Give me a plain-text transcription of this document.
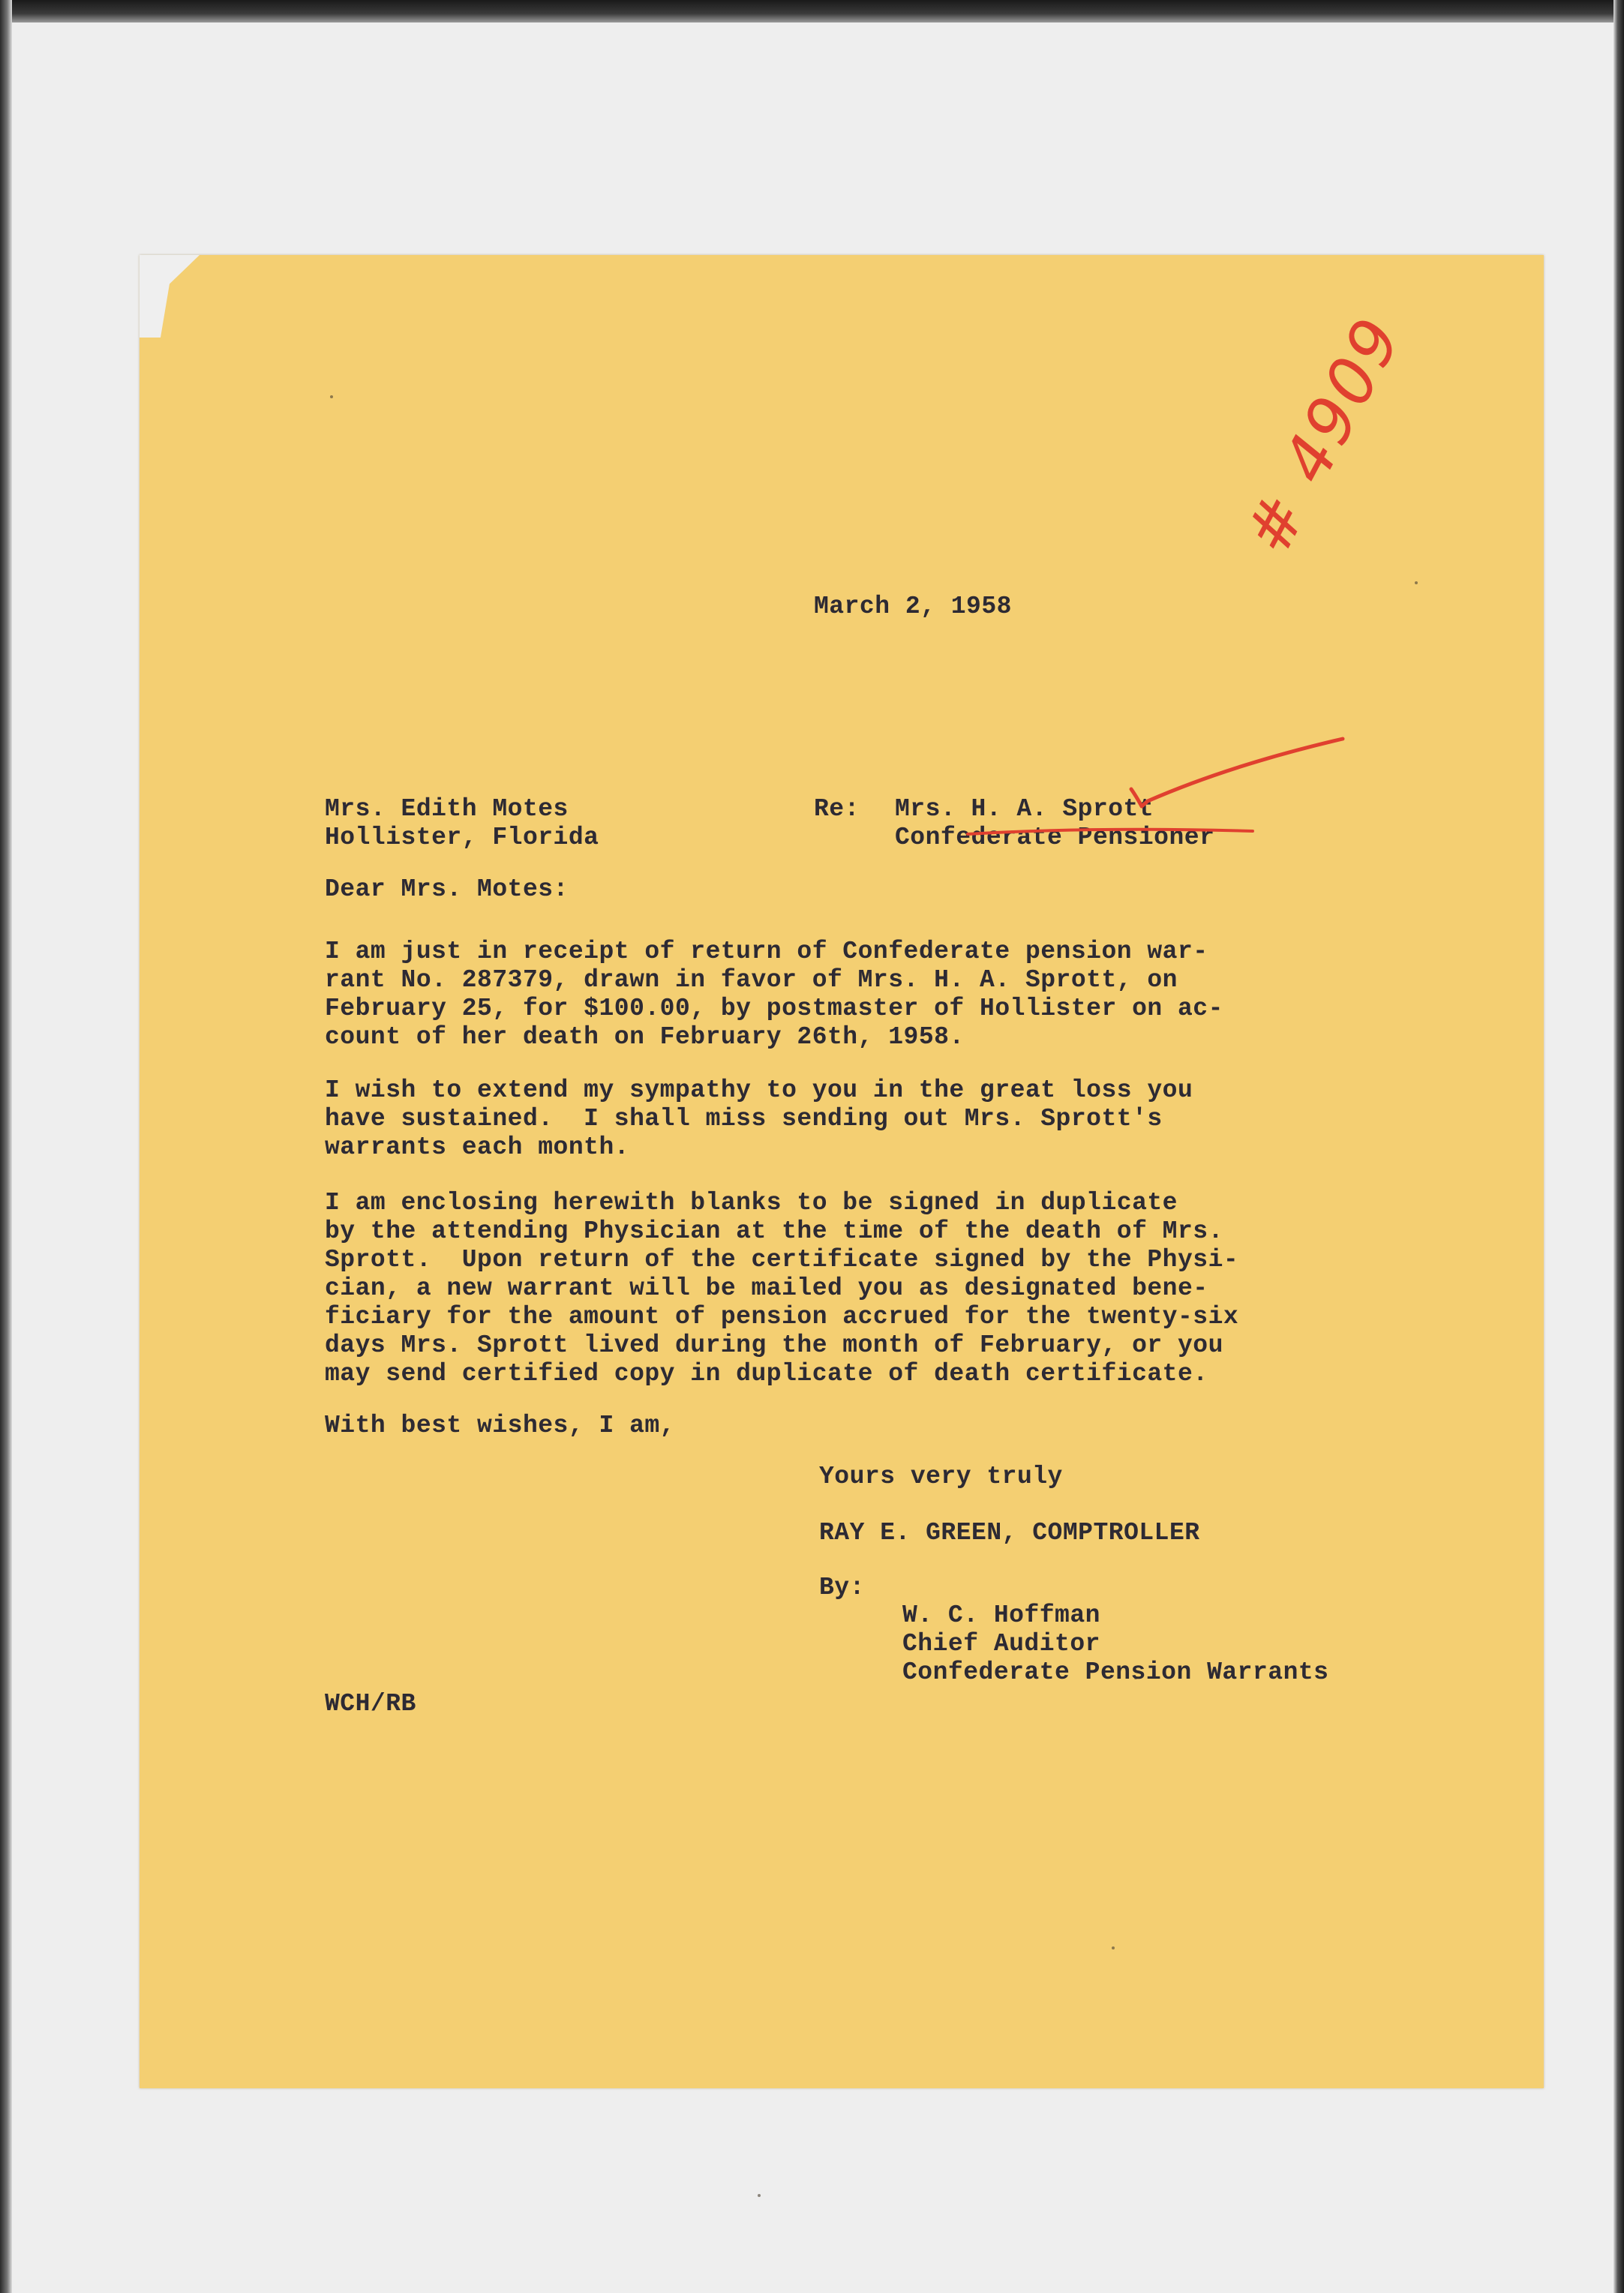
March 2, 1958

Mrs. Edith Motes
Hollister, Florida

Re: Mrs. H. A. Sprott
Confederate Pensioner

Dear Mrs. Motes:

I am just in receipt of return of Confederate pension war-
rant No. 287379, drawn in favor of Mrs. H. A. Sprott, on
February 25, for $100.00, by postmaster of Hollister on ac-
count of her death on February 26th, 1958.
I wish to extend my sympathy to you in the great loss you
have sustained.  I shall miss sending out Mrs. Sprott's
warrants each month.
I am enclosing herewith blanks to be signed in duplicate
by the attending Physician at the time of the death of Mrs.
Sprott.  Upon return of the certificate signed by the Physi-
cian, a new warrant will be mailed you as designated bene-
ficiary for the amount of pension accrued for the twenty-six
days Mrs. Sprott lived during the month of February, or you
may send certified copy in duplicate of death certificate.

With best wishes, I am,

Yours very truly

RAY E. GREEN, COMPTROLLER

By:

W. C. Hoffman
Chief Auditor
Confederate Pension Warrants

WCH/RB

# 4909
